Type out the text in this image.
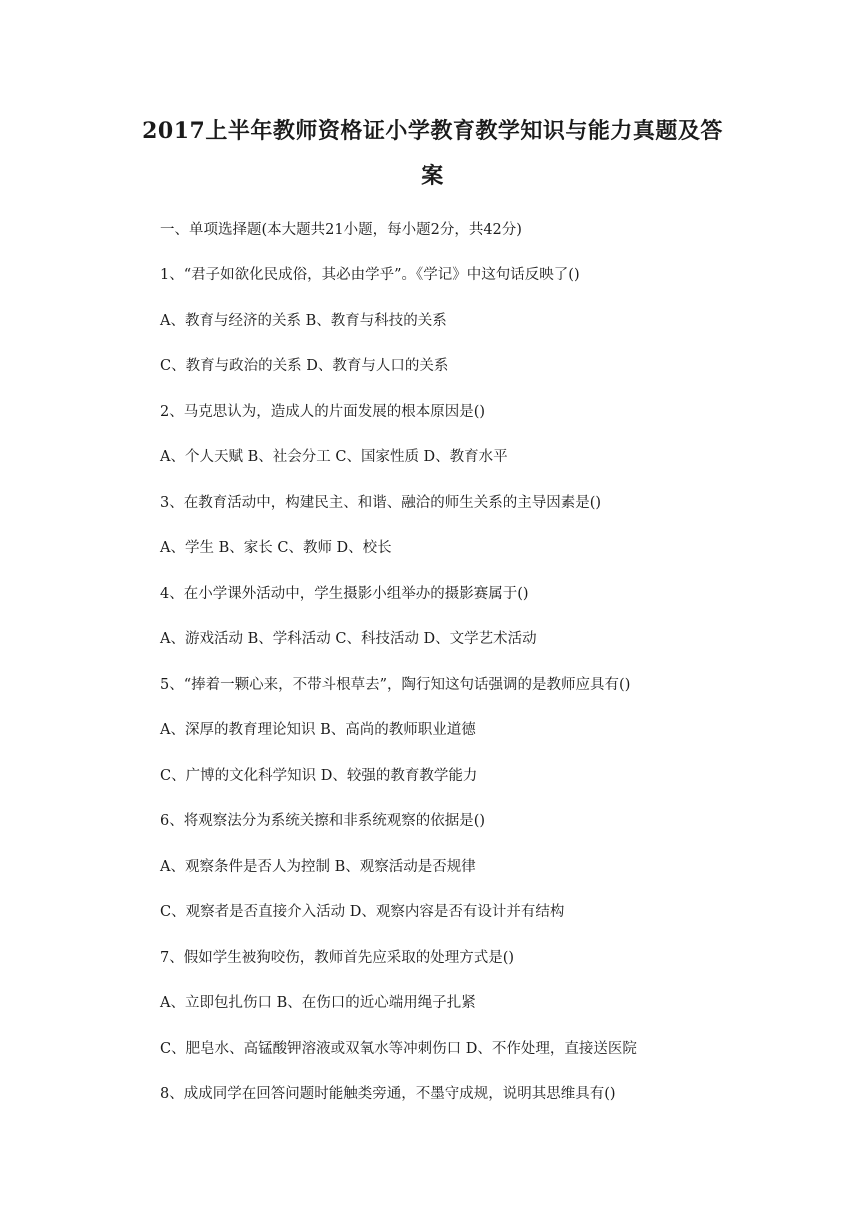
2017上半年教师资格证小学教育教学知识与能力真题及答
案

一、单项选择题(本大题共21小题，每小题2分，共42分)

1、“君子如欲化民成俗，其必由学乎”。《学记》中这句话反映了()

A、教育与经济的关系 B、教育与科技的关系

C、教育与政治的关系 D、教育与人口的关系

2、马克思认为，造成人的片面发展的根本原因是()

A、个人天赋 B、社会分工 C、国家性质 D、教育水平

3、在教育活动中，构建民主、和谐、融洽的师生关系的主导因素是()

A、学生 B、家长 C、教师 D、校长

4、在小学课外活动中，学生摄影小组举办的摄影赛属于()

A、游戏活动 B、学科活动 C、科技活动 D、文学艺术活动

5、“捧着一颗心来，不带斗根草去”，陶行知这句话强调的是教师应具有()

A、深厚的教育理论知识 B、高尚的教师职业道德

C、广博的文化科学知识 D、较强的教育教学能力

6、将观察法分为系统关擦和非系统观察的依据是()

A、观察条件是否人为控制 B、观察活动是否规律

C、观察者是否直接介入活动 D、观察内容是否有设计并有结构

7、假如学生被狗咬伤，教师首先应采取的处理方式是()

A、立即包扎伤口 B、在伤口的近心端用绳子扎紧

C、肥皂水、高锰酸钾溶液或双氧水等冲刺伤口 D、不作处理，直接送医院

8、成成同学在回答问题时能触类旁通，不墨守成规，说明其思维具有()
